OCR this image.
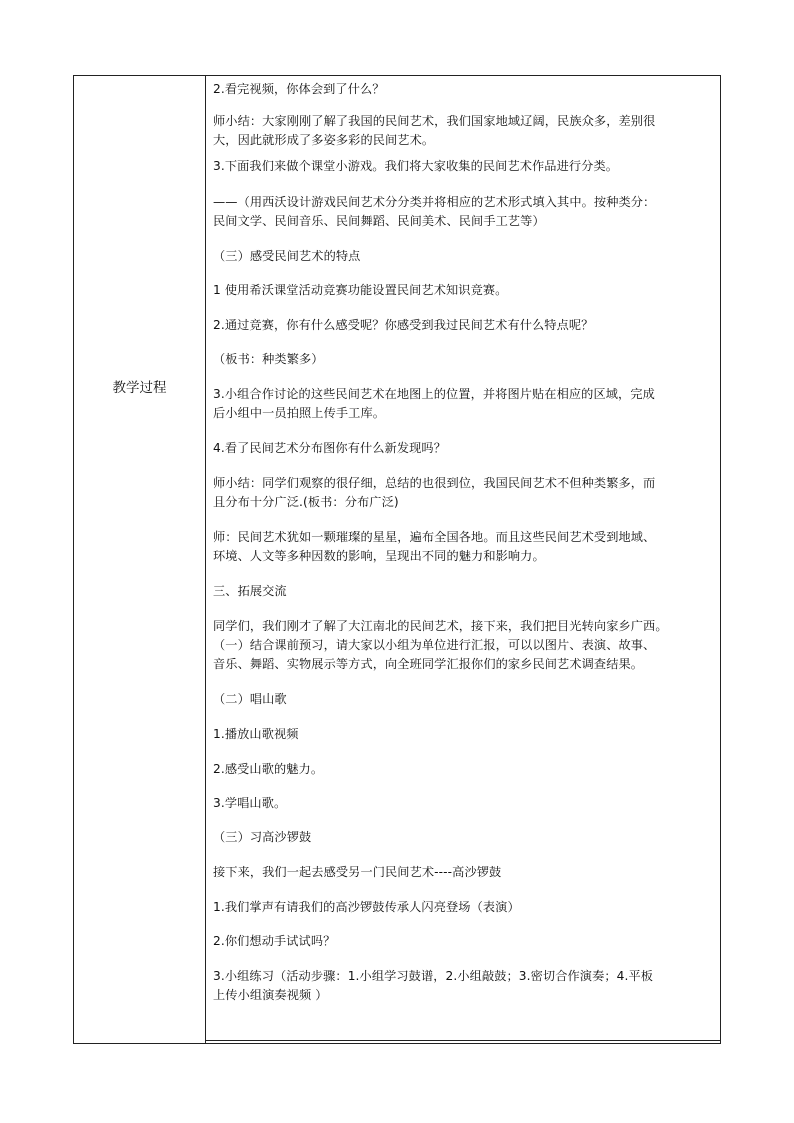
教学过程
2.看完视频，你体会到了什么？
师小结：大家刚刚了解了我国的民间艺术，我们国家地域辽阔，民族众多，差别很
大，因此就形成了多姿多彩的民间艺术。
3.下面我们来做个课堂小游戏。我们将大家收集的民间艺术作品进行分类。
——（用西沃设计游戏民间艺术分分类并将相应的艺术形式填入其中。按种类分：
民间文学、民间音乐、民间舞蹈、民间美术、民间手工艺等）
（三）感受民间艺术的特点
1 使用希沃课堂活动竞赛功能设置民间艺术知识竞赛。
2.通过竞赛，你有什么感受呢？你感受到我过民间艺术有什么特点呢？
（板书：种类繁多）
3.小组合作讨论的这些民间艺术在地图上的位置，并将图片贴在相应的区域，完成
后小组中一员拍照上传手工库。
4.看了民间艺术分布图你有什么新发现吗？
师小结：同学们观察的很仔细，总结的也很到位，我国民间艺术不但种类繁多，而
且分布十分广泛.(板书：分布广泛)
师：民间艺术犹如一颗璀璨的星星，遍布全国各地。而且这些民间艺术受到地域、
环境、人文等多种因数的影响，呈现出不同的魅力和影响力。
三、拓展交流
同学们，我们刚才了解了大江南北的民间艺术，接下来，我们把目光转向家乡广西。
（一）结合课前预习，请大家以小组为单位进行汇报，可以以图片、表演、故事、
音乐、舞蹈、实物展示等方式，向全班同学汇报你们的家乡民间艺术调查结果。
（二）唱山歌
1.播放山歌视频
2.感受山歌的魅力。
3.学唱山歌。
（三）习高沙锣鼓
接下来，我们一起去感受另一门民间艺术----高沙锣鼓
1.我们掌声有请我们的高沙锣鼓传承人闪亮登场（表演）
2.你们想动手试试吗？
3.小组练习（活动步骤：1.小组学习鼓谱，2.小组敲鼓；3.密切合作演奏；4.平板
上传小组演奏视频 ）
